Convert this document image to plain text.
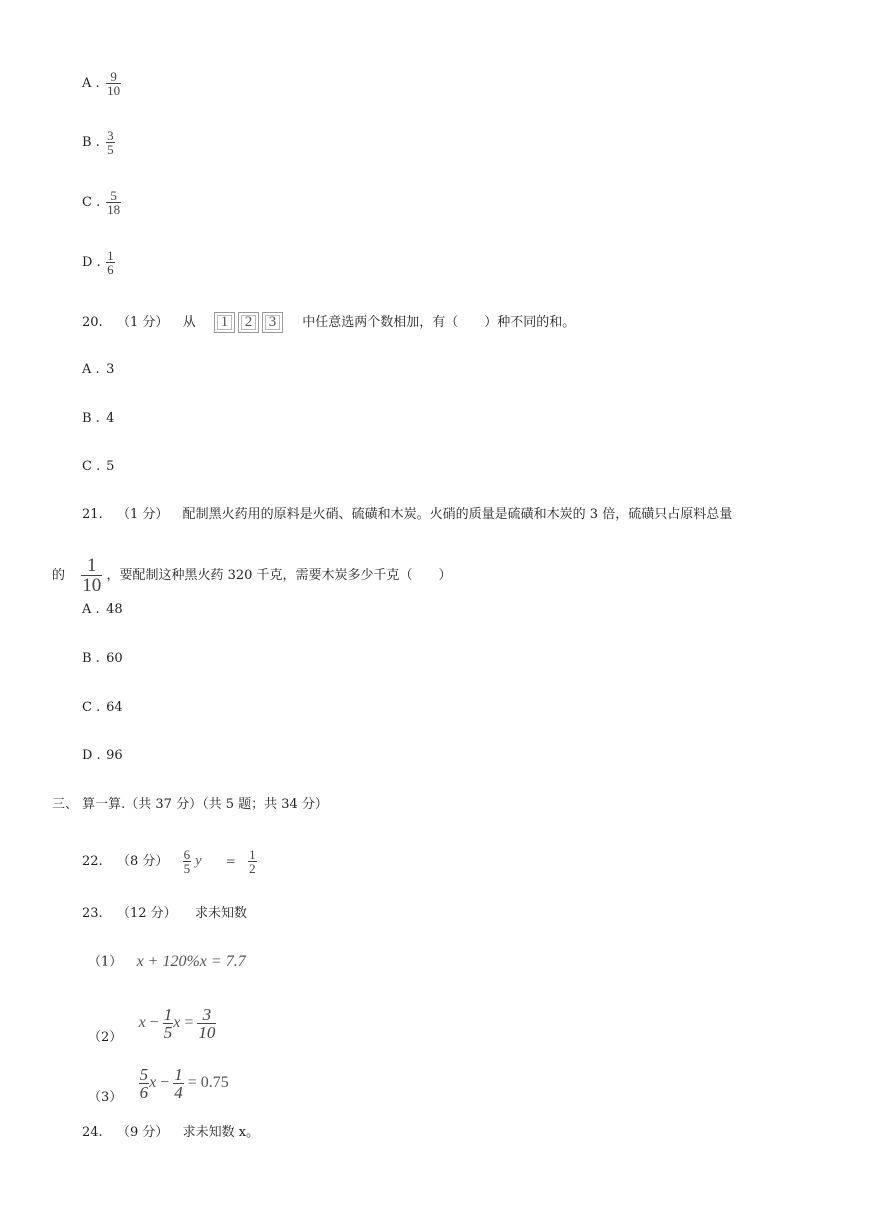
A . $\frac{9}{10}$
B . $\frac{3}{5}$
C . $\frac{5}{18}$
D . $\frac{1}{6}$
20. （1 分） 从 1 2 3 中任意选两个数相加，有（　　）种不同的和。
A . 3
B . 4
C . 5
21. （1 分） 配制黑火药用的原料是火硝、硫磺和木炭。火硝的质量是硫磺和木炭的 3 倍，硫磺只占原料总量
的 $\frac{1}{10}$ ，要配制这种黑火药 320 千克，需要木炭多少千克（　　）
A . 48
B . 60
C . 64
D . 96
三、 算一算.（共 37 分）（共 5 题；共 34 分）
22. （8 分） $\frac{6}{5}$ $y = \frac{1}{2}$
23. （12 分） 求未知数
（1） x + 120%x = 7.7
（2）  $x - \frac{1}{5}$ $x = \frac{3}{10}$
$(3) \frac{5}{6}$ $x - \frac{1}{4} = 0.75$
24. （9 分） 求未知数 x。
